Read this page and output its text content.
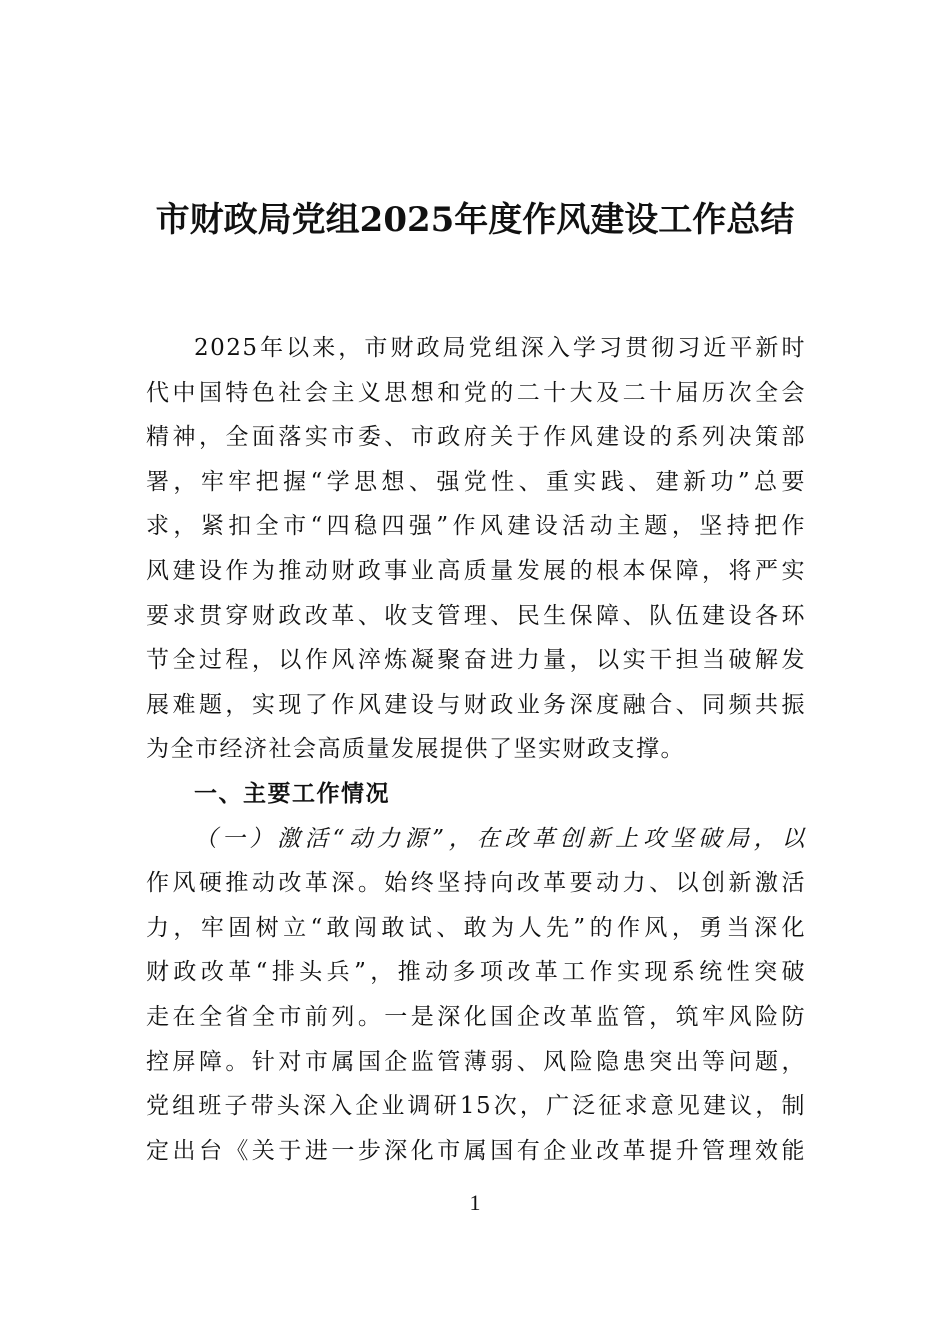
市财政局党组2025年度作风建设工作总结
2025年以来，市财政局党组深入学习贯彻习近平新时
代中国特色社会主义思想和党的二十大及二十届历次全会
精神，全面落实市委、市政府关于作风建设的系列决策部
署，牢牢把握“学思想、强党性、重实践、建新功”总要
求，紧扣全市“四稳四强”作风建设活动主题，坚持把作
风建设作为推动财政事业高质量发展的根本保障，将严实
要求贯穿财政改革、收支管理、民生保障、队伍建设各环
节全过程，以作风淬炼凝聚奋进力量，以实干担当破解发
展难题，实现了作风建设与财政业务深度融合、同频共振
为全市经济社会高质量发展提供了坚实财政支撑。
一、主要工作情况
（一）激活“动力源”，在改革创新上攻坚破局，以
作风硬推动改革深。始终坚持向改革要动力、以创新激活
力，牢固树立“敢闯敢试、敢为人先”的作风，勇当深化
财政改革“排头兵”，推动多项改革工作实现系统性突破
走在全省全市前列。一是深化国企改革监管，筑牢风险防
控屏障。针对市属国企监管薄弱、风险隐患突出等问题，
党组班子带头深入企业调研15次，广泛征求意见建议，制
定出台《关于进一步深化市属国有企业改革提升管理效能
1
